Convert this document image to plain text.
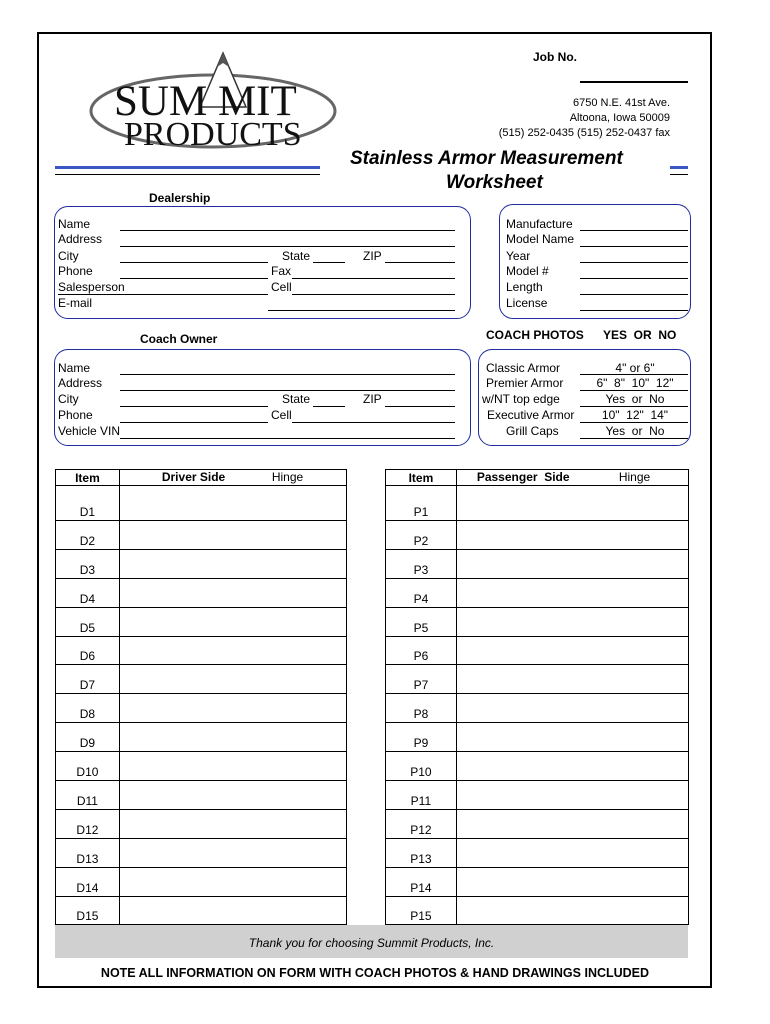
SUM MIT
PRODUCTS
Job No.
6750 N.E. 41st Ave.
Altoona, Iowa 50009
(515) 252-0435 (515) 252-0437 fax
Stainless Armor Measurement
Worksheet
Dealership
Name
Address
City	State	ZIP
Phone	Fax
Salesperson	Cell
E-mail
Manufacture
Model Name
Year
Model #
Length
License
Coach Owner	COACH PHOTOS YES  OR  NO
Name
Address
City	State	ZIP
Phone	Cell
Vehicle VIN
Classic Armor	4" or 6"
Premier Armor	6"  8"  10"  12"
w/NT top edge	Yes  or  No
Executive Armor	10"  12"  14"
Grill Caps	Yes  or  No
Item	Driver Side Hinge

D1	
D2	
D3	
D4	
D5	
D6	
D7	
D8	
D9	
D10	
D11	
D12	
D13	
D14	
D15	
Item	Passenger  Side Hinge

P1	
P2	
P3	
P4	
P5	
P6	
P7	
P8	
P9	
P10	
P11	
P12	
P13	
P14	
P15	
Thank you for choosing Summit Products, Inc.
NOTE ALL INFORMATION ON FORM WITH COACH PHOTOS & HAND DRAWINGS INCLUDED
